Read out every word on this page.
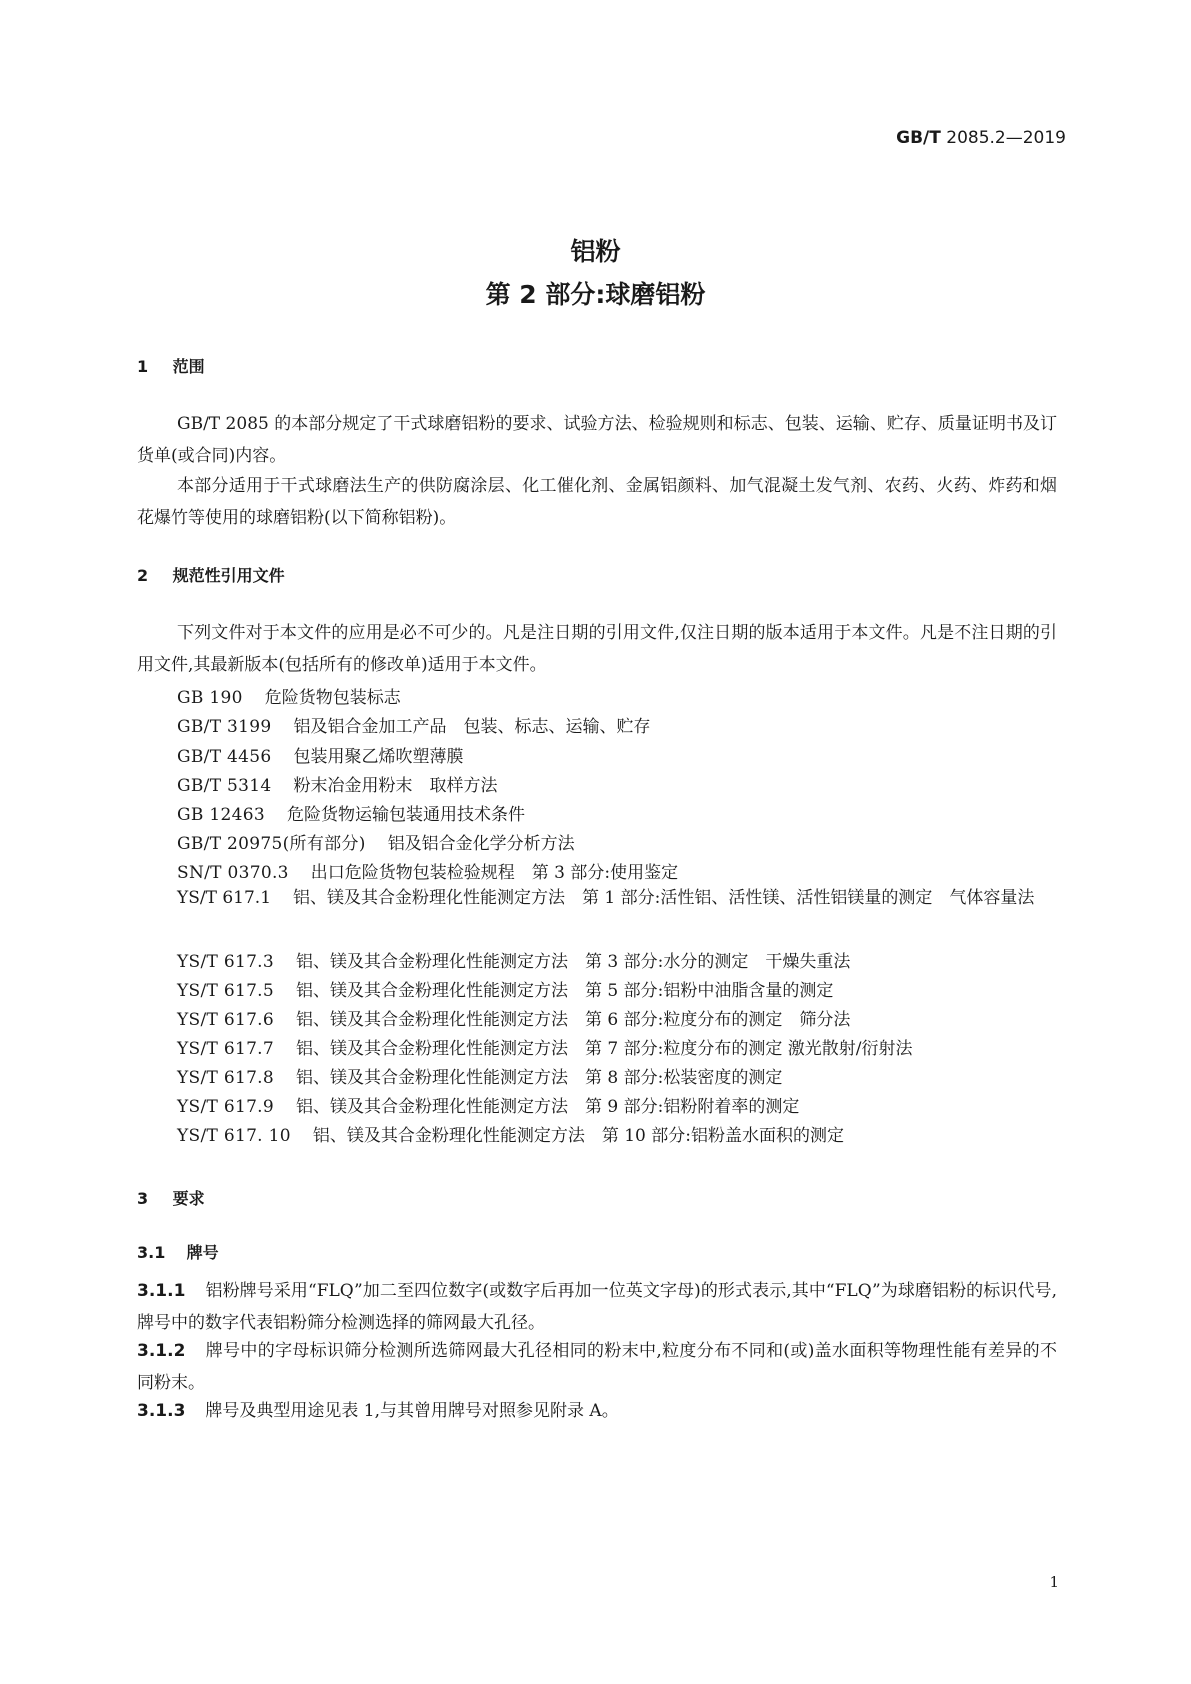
GB/T 2085.2—2019
铝粉
第 2 部分:球磨铝粉
1 范围
GB/T 2085 的本部分规定了干式球磨铝粉的要求、试验方法、检验规则和标志、包装、运输、贮存、质量证明书及订货单(或合同)内容。
本部分适用于干式球磨法生产的供防腐涂层、化工催化剂、金属铝颜料、加气混凝土发气剂、农药、火药、炸药和烟花爆竹等使用的球磨铝粉(以下简称铝粉)。
2 规范性引用文件
下列文件对于本文件的应用是必不可少的。凡是注日期的引用文件,仅注日期的版本适用于本文件。凡是不注日期的引用文件,其最新版本(包括所有的修改单)适用于本文件。
GB 190 危险货物包装标志
GB/T 3199 铝及铝合金加工产品　包装、标志、运输、贮存
GB/T 4456 包装用聚乙烯吹塑薄膜
GB/T 5314 粉末冶金用粉末　取样方法
GB 12463 危险货物运输包装通用技术条件
GB/T 20975(所有部分) 铝及铝合金化学分析方法
SN/T 0370.3 出口危险货物包装检验规程　第 3 部分:使用鉴定
YS/T 617.1 铝、镁及其合金粉理化性能测定方法　第 1 部分:活性铝、活性镁、活性铝镁量的测定　气体容量法
YS/T 617.3 铝、镁及其合金粉理化性能测定方法　第 3 部分:水分的测定　干燥失重法
YS/T 617.5 铝、镁及其合金粉理化性能测定方法　第 5 部分:铝粉中油脂含量的测定
YS/T 617.6 铝、镁及其合金粉理化性能测定方法　第 6 部分:粒度分布的测定　筛分法
YS/T 617.7 铝、镁及其合金粉理化性能测定方法　第 7 部分:粒度分布的测定 激光散射/衍射法
YS/T 617.8 铝、镁及其合金粉理化性能测定方法　第 8 部分:松装密度的测定
YS/T 617.9 铝、镁及其合金粉理化性能测定方法　第 9 部分:铝粉附着率的测定
YS/T 617. 10 铝、镁及其合金粉理化性能测定方法　第 10 部分:铝粉盖水面积的测定
3 要求
3.1 牌号
3.1.1 铝粉牌号采用“FLQ”加二至四位数字(或数字后再加一位英文字母)的形式表示,其中“FLQ”为球磨铝粉的标识代号,牌号中的数字代表铝粉筛分检测选择的筛网最大孔径。
3.1.2 牌号中的字母标识筛分检测所选筛网最大孔径相同的粉末中,粒度分布不同和(或)盖水面积等物理性能有差异的不同粉末。
3.1.3 牌号及典型用途见表 1,与其曾用牌号对照参见附录 A。
1
